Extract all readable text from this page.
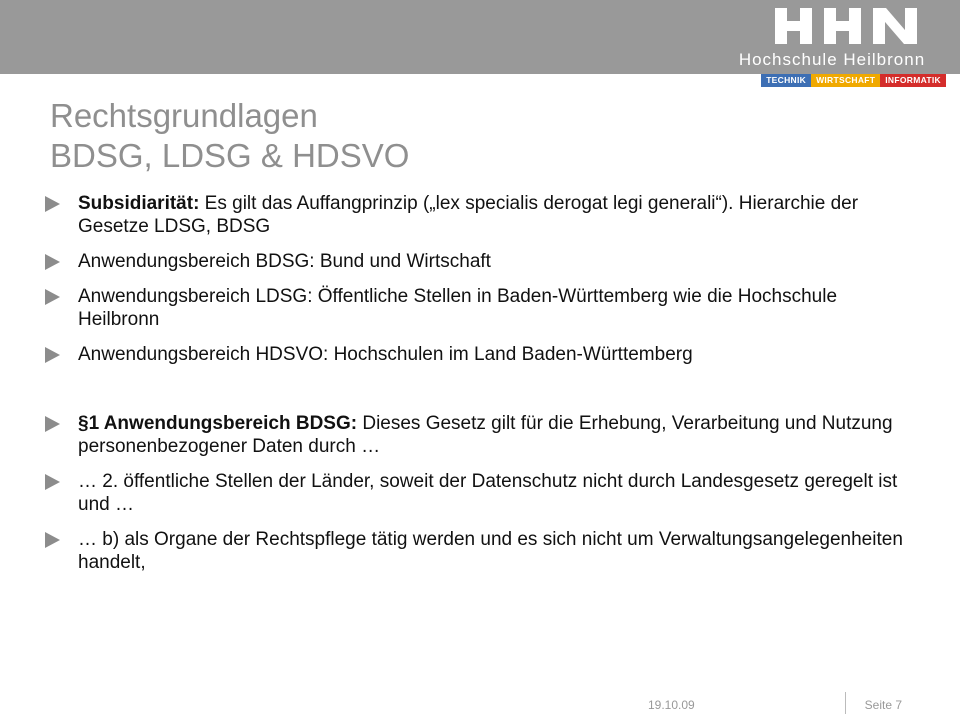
Hochschule Heilbronn
TECHNIK	WIRTSCHAFT	INFORMATIK
Rechtsgrundlagen
BDSG, LDSG & HDSVO
Subsidiarität: Es gilt das Auffangprinzip („lex specialis derogat legi generali“). Hierarchie der Gesetze LDSG, BDSG
Anwendungsbereich BDSG: Bund und Wirtschaft
Anwendungsbereich LDSG: Öffentliche Stellen in Baden-Württemberg wie die Hochschule Heilbronn
Anwendungsbereich HDSVO: Hochschulen im Land Baden-Württemberg
§1 Anwendungsbereich BDSG: Dieses Gesetz gilt für die Erhebung, Verarbeitung und Nutzung personenbezogener Daten durch …
… 2. öffentliche Stellen der Länder, soweit der Datenschutz nicht durch Landesgesetz geregelt ist und …
… b) als Organe der Rechtspflege tätig werden und es sich nicht um Verwaltungsangelegenheiten handelt,
19.10.09	Seite 7
